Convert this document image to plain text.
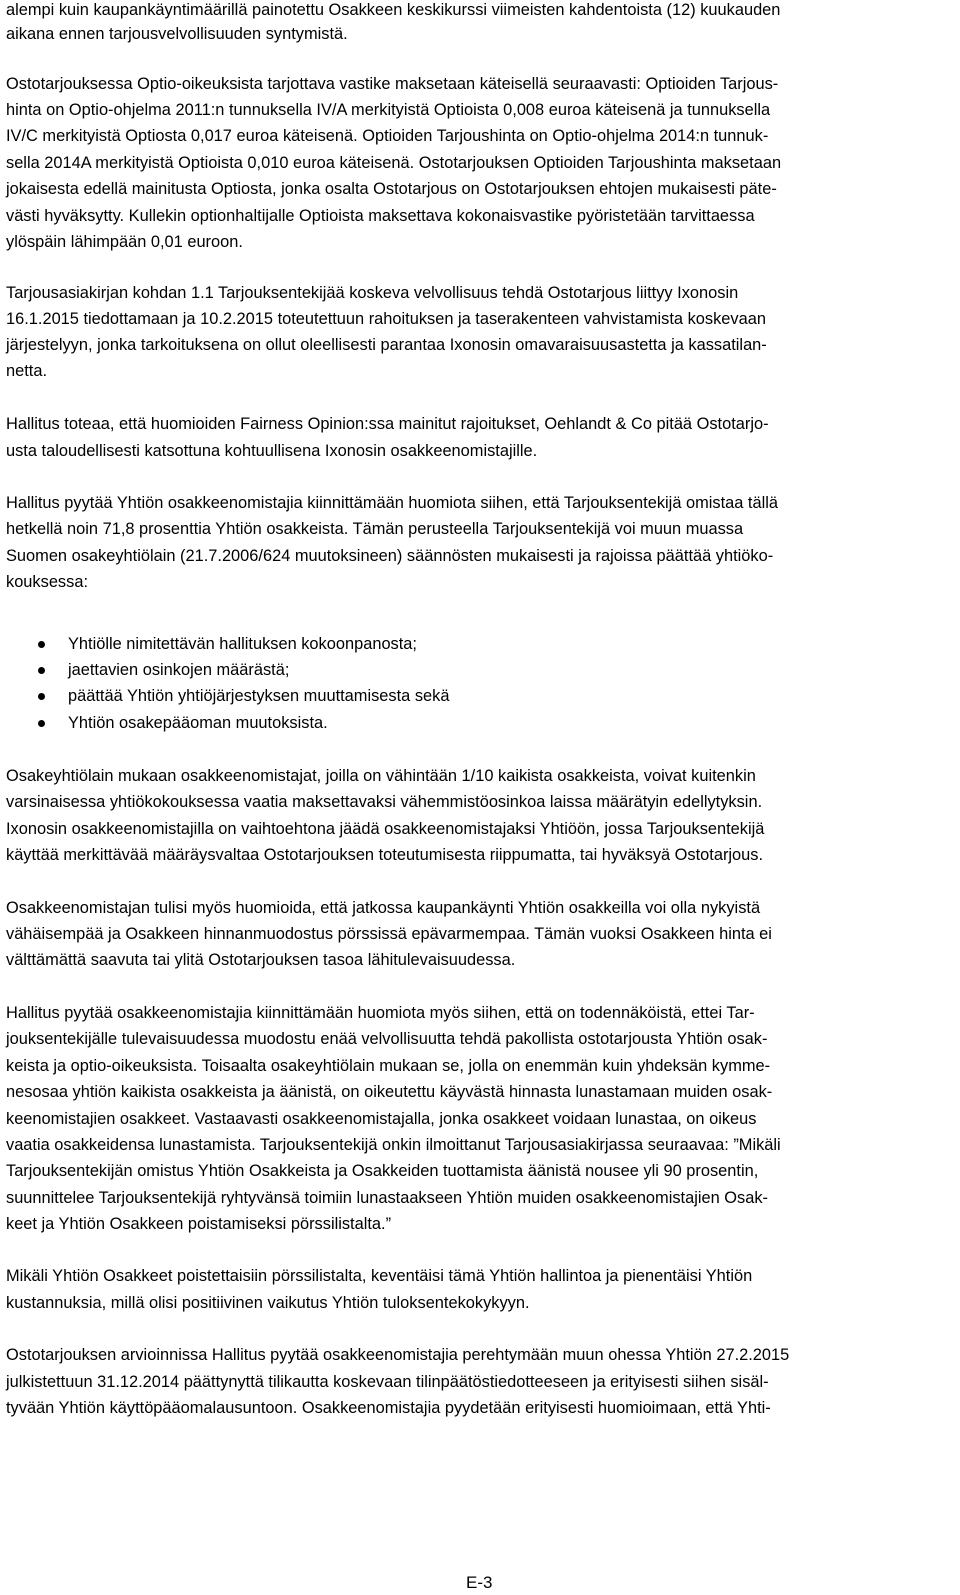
alempi kuin kaupankäyntimäärillä painotettu Osakkeen keskikurssi viimeisten kahdentoista (12) kuukauden

aikana ennen tarjousvelvollisuuden syntymistä.

Ostotarjouksessa Optio-oikeuksista tarjottava vastike maksetaan käteisellä seuraavasti: Optioiden Tarjous-

hinta on Optio-ohjelma 2011:n tunnuksella IV/A merkityistä Optioista 0,008 euroa käteisenä ja tunnuksella

IV/C merkityistä Optiosta 0,017 euroa käteisenä. Optioiden Tarjoushinta on Optio-ohjelma 2014:n tunnuk-

sella 2014A merkityistä Optioista 0,010 euroa käteisenä. Ostotarjouksen Optioiden Tarjoushinta maksetaan

jokaisesta edellä mainitusta Optiosta, jonka osalta Ostotarjous on Ostotarjouksen ehtojen mukaisesti päte-

västi hyväksytty. Kullekin optionhaltijalle Optioista maksettava kokonaisvastike pyöristetään tarvittaessa

ylöspäin lähimpään 0,01 euroon.

Tarjousasiakirjan kohdan 1.1 Tarjouksentekijää koskeva velvollisuus tehdä Ostotarjous liittyy Ixonosin

16.1.2015 tiedottamaan ja 10.2.2015 toteutettuun rahoituksen ja taserakenteen vahvistamista koskevaan

järjestelyyn, jonka tarkoituksena on ollut oleellisesti parantaa Ixonosin omavaraisuusastetta ja kassatilan-

netta.

Hallitus toteaa, että huomioiden Fairness Opinion:ssa mainitut rajoitukset, Oehlandt & Co pitää Ostotarjo-

usta taloudellisesti katsottuna kohtuullisena Ixonosin osakkeenomistajille.

Hallitus pyytää Yhtiön osakkeenomistajia kiinnittämään huomiota siihen, että Tarjouksentekijä omistaa tällä

hetkellä noin 71,8 prosenttia Yhtiön osakkeista. Tämän perusteella Tarjouksentekijä voi muun muassa

Suomen osakeyhtiölain (21.7.2006/624 muutoksineen) säännösten mukaisesti ja rajoissa päättää yhtiöko-

kouksessa:

Yhtiölle nimitettävän hallituksen kokoonpanosta;

jaettavien osinkojen määrästä;

päättää Yhtiön yhtiöjärjestyksen muuttamisesta sekä

Yhtiön osakepääoman muutoksista.

Osakeyhtiölain mukaan osakkeenomistajat, joilla on vähintään 1/10 kaikista osakkeista, voivat kuitenkin

varsinaisessa yhtiökokouksessa vaatia maksettavaksi vähemmistöosinkoa laissa määrätyin edellytyksin.

Ixonosin osakkeenomistajilla on vaihtoehtona jäädä osakkeenomistajaksi Yhtiöön, jossa Tarjouksentekijä

käyttää merkittävää määräysvaltaa Ostotarjouksen toteutumisesta riippumatta, tai hyväksyä Ostotarjous.

Osakkeenomistajan tulisi myös huomioida, että jatkossa kaupankäynti Yhtiön osakkeilla voi olla nykyistä

vähäisempää ja Osakkeen hinnanmuodostus pörssissä epävarmempaa. Tämän vuoksi Osakkeen hinta ei

välttämättä saavuta tai ylitä Ostotarjouksen tasoa lähitulevaisuudessa.

Hallitus pyytää osakkeenomistajia kiinnittämään huomiota myös siihen, että on todennäköistä, ettei Tar-

jouksentekijälle tulevaisuudessa muodostu enää velvollisuutta tehdä pakollista ostotarjousta Yhtiön osak-

keista ja optio-oikeuksista. Toisaalta osakeyhtiölain mukaan se, jolla on enemmän kuin yhdeksän kymme-

nesosaa yhtiön kaikista osakkeista ja äänistä, on oikeutettu käyvästä hinnasta lunastamaan muiden osak-

keenomistajien osakkeet. Vastaavasti osakkeenomistajalla, jonka osakkeet voidaan lunastaa, on oikeus

vaatia osakkeidensa lunastamista. Tarjouksentekijä onkin ilmoittanut Tarjousasiakirjassa seuraavaa: ”Mikäli

Tarjouksentekijän omistus Yhtiön Osakkeista ja Osakkeiden tuottamista äänistä nousee yli 90 prosentin,

suunnittelee Tarjouksentekijä ryhtyvänsä toimiin lunastaakseen Yhtiön muiden osakkeenomistajien Osak-

keet ja Yhtiön Osakkeen poistamiseksi pörssilistalta.”

Mikäli Yhtiön Osakkeet poistettaisiin pörssilistalta, keventäisi tämä Yhtiön hallintoa ja pienentäisi Yhtiön

kustannuksia, millä olisi positiivinen vaikutus Yhtiön tuloksentekokykyyn.

Ostotarjouksen arvioinnissa Hallitus pyytää osakkeenomistajia perehtymään muun ohessa Yhtiön 27.2.2015

julkistettuun 31.12.2014 päättynyttä tilikautta koskevaan tilinpäätöstiedotteeseen ja erityisesti siihen sisäl-

tyvään Yhtiön käyttöpääomalausuntoon. Osakkeenomistajia pyydetään erityisesti huomioimaan, että Yhti-

E-3
